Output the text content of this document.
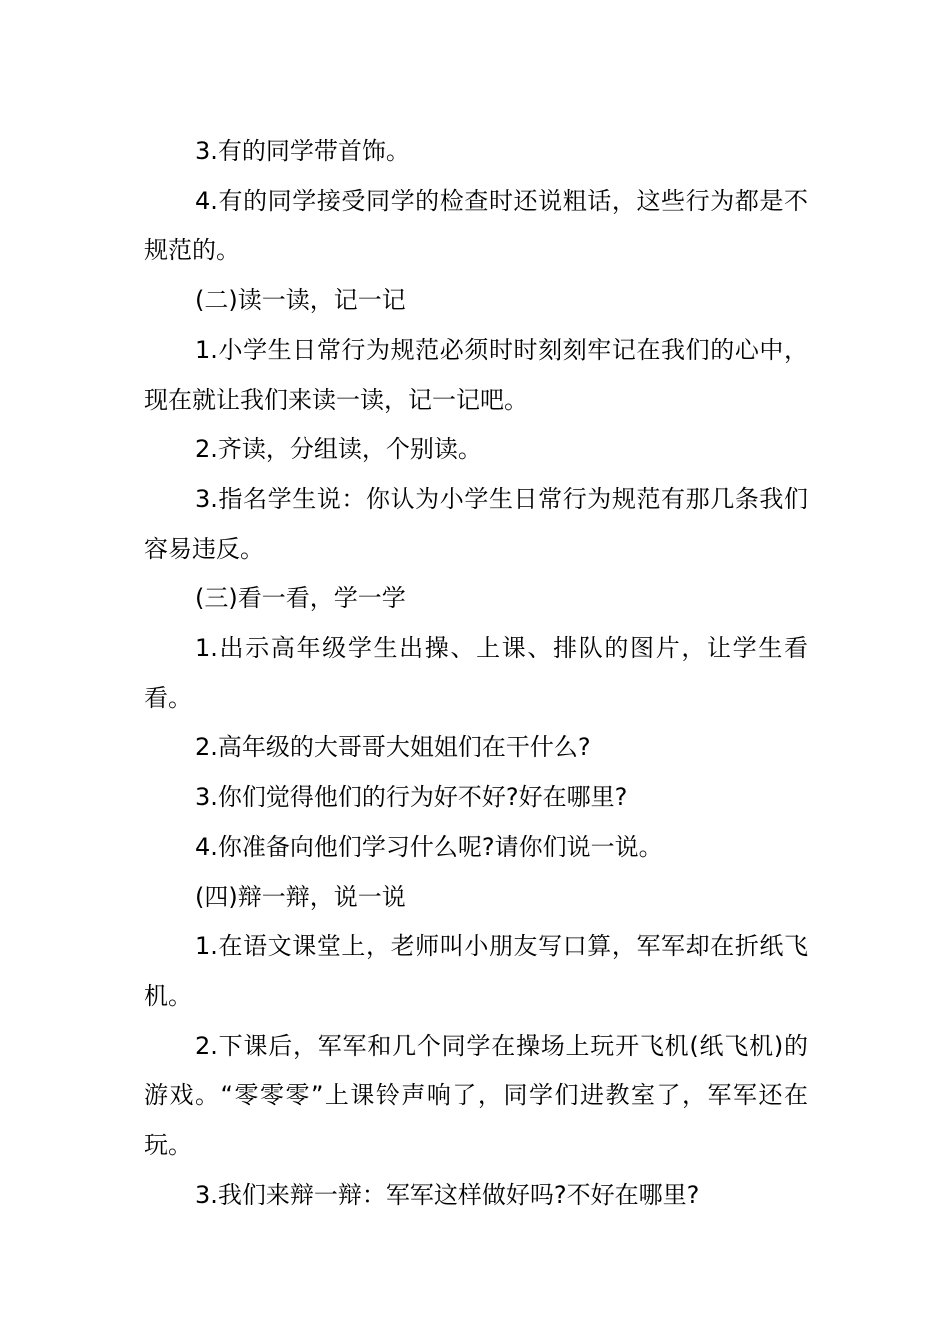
3.有的同学带首饰。

4.有的同学接受同学的检查时还说粗话，这些行为都是不规范的。

(二)读一读，记一记

1.小学生日常行为规范必须时时刻刻牢记在我们的心中，现在就让我们来读一读，记一记吧。

2.齐读，分组读，个别读。

3.指名学生说：你认为小学生日常行为规范有那几条我们容易违反。

(三)看一看，学一学

1.出示高年级学生出操、上课、排队的图片，让学生看看。

2.高年级的大哥哥大姐姐们在干什么?

3.你们觉得他们的行为好不好?好在哪里?

4.你准备向他们学习什么呢?请你们说一说。

(四)辩一辩，说一说

1.在语文课堂上，老师叫小朋友写口算，军军却在折纸飞机。

2.下课后，军军和几个同学在操场上玩开飞机(纸飞机)的游戏。“零零零”上课铃声响了，同学们进教室了，军军还在玩。

3.我们来辩一辩：军军这样做好吗?不好在哪里?
